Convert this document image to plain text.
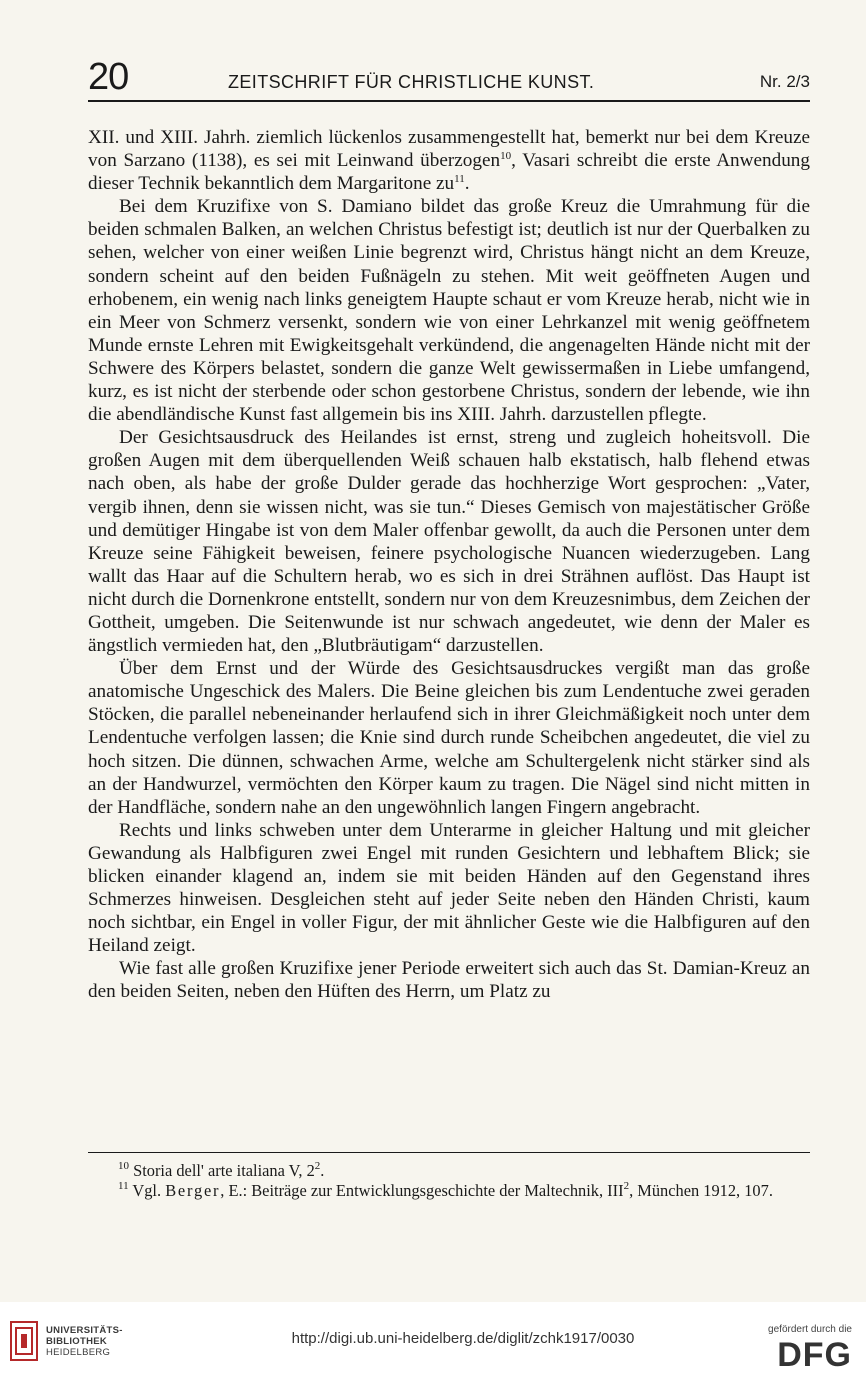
20	ZEITSCHRIFT FÜR CHRISTLICHE KUNST.	Nr. 2/3

XII. und XIII. Jahrh. ziemlich lückenlos zusammengestellt hat, bemerkt nur bei dem Kreuze von Sarzano (1138), es sei mit Leinwand überzogen$^{10}$, Vasari schreibt die erste Anwendung dieser Technik bekanntlich dem Margaritone $zu^{11}$.

Bei dem Kruzifixe von S. Damiano bildet das große Kreuz die Umrahmung für die beiden schmalen Balken, an welchen Christus befestigt ist; deutlich ist nur der Querbalken zu sehen, welcher von einer weißen Linie begrenzt wird, Christus hängt nicht an dem Kreuze, sondern scheint auf den beiden Fußnägeln zu stehen. Mit weit geöffneten Augen und erhobenem, ein wenig nach links geneigtem Haupte schaut er vom Kreuze herab, nicht wie in ein Meer von Schmerz versenkt, sondern wie von einer Lehrkanzel mit wenig geöffnetem Munde ernste Lehren mit Ewigkeitsgehalt verkündend, die angenagelten Hände nicht mit der Schwere des Körpers belastet, sondern die ganze Welt gewissermaßen in Liebe umfangend, kurz, es ist nicht der sterbende oder schon gestorbene Christus, sondern der lebende, wie ihn die abendländische Kunst fast allgemein bis ins XIII. Jahrh. darzustellen pflegte.

Der Gesichtsausdruck des Heilandes ist ernst, streng und zugleich hoheitsvoll. Die großen Augen mit dem überquellenden Weiß schauen halb ekstatisch, halb flehend etwas nach oben, als habe der große Dulder gerade das hochherzige Wort gesprochen: „Vater, vergib ihnen, denn sie wissen nicht, was sie tun.“ Dieses Gemisch von majestätischer Größe und demütiger Hingabe ist von dem Maler offenbar gewollt, da auch die Personen unter dem Kreuze seine Fähigkeit beweisen, feinere psychologische Nuancen wiederzugeben. Lang wallt das Haar auf die Schultern herab, wo es sich in drei Strähnen auflöst. Das Haupt ist nicht durch die Dornenkrone entstellt, sondern nur von dem Kreuzesnimbus, dem Zeichen der Gottheit, umgeben. Die Seitenwunde ist nur schwach angedeutet, wie denn der Maler es ängstlich vermieden hat, den „Blutbräutigam“ darzustellen.

Über dem Ernst und der Würde des Gesichtsausdruckes vergißt man das große anatomische Ungeschick des Malers. Die Beine gleichen bis zum Lendentuche zwei geraden Stöcken, die parallel nebeneinander herlaufend sich in ihrer Gleichmäßigkeit noch unter dem Lendentuche verfolgen lassen; die Knie sind durch runde Scheibchen angedeutet, die viel zu hoch sitzen. Die dünnen, schwachen Arme, welche am Schultergelenk nicht stärker sind als an der Handwurzel, vermöchten den Körper kaum zu tragen. Die Nägel sind nicht mitten in der Handfläche, sondern nahe an den ungewöhnlich langen Fingern angebracht.

Rechts und links schweben unter dem Unterarme in gleicher Haltung und mit gleicher Gewandung als Halbfiguren zwei Engel mit runden Gesichtern und lebhaftem Blick; sie blicken einander klagend an, indem sie mit beiden Händen auf den Gegenstand ihres Schmerzes hinweisen. Desgleichen steht auf jeder Seite neben den Händen Christi, kaum noch sichtbar, ein Engel in voller Figur, der mit ähnlicher Geste wie die Halbfiguren auf den Heiland zeigt.

Wie fast alle großen Kruzifixe jener Periode erweitert sich auch das St. Damian-Kreuz an den beiden Seiten, neben den Hüften des Herrn, um Platz zu

$^{10}$ Storia dell' arte italiana V, $2^2$.

$^{11}$ Vgl. Berger, E.: Beiträge zur Entwicklungsgeschichte der Maltechnik, III$^2$, München 1912, 107.

UNIVERSITÄTS-
BIBLIOTHEK
HEIDELBERG
http://digi.ub.uni-heidelberg.de/diglit/zchk1917/0030
gefördert durch die
DFG
